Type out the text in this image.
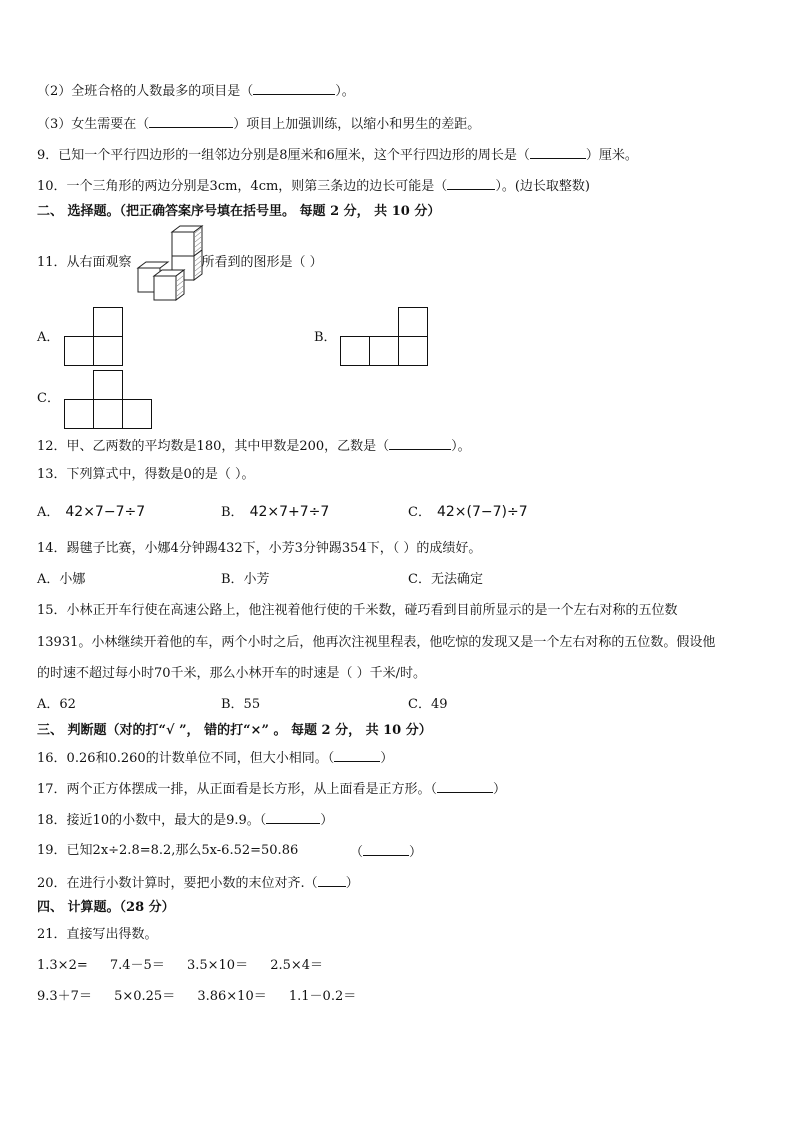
（2）全班合格的人数最多的项目是（	）。
（3）女生需要在（	）项目上加强训练，以缩小和男生的差距。
9．已知一个平行四边形的一组邻边分别是8厘米和6厘米，这个平行四边形的周长是（	）厘米。
10．一个三角形的两边分别是3cm，4cm，则第三条边的边长可能是（	）。(边长取整数)
二、 选择题。（把正确答案序号填在括号里。 每题 2 分， 共 10 分）
11．从右面观察	所看到的图形是（ ）
A．	B．
C．
12．甲、乙两数的平均数是180，其中甲数是200，乙数是（	）。
13．下列算式中，得数是0的是（ ）。
A． 42×7−7÷7	B． 42×7+7÷7	C． 42×(7−7)÷7
14．踢毽子比赛，小娜4分钟踢432下，小芳3分钟踢354下，（ ）的成绩好。
A．小娜	B．小芳	C．无法确定
15．小林正开车行使在高速公路上，他注视着他行使的千米数，碰巧看到目前所显示的是一个左右对称的五位数
13931。小林继续开着他的车，两个小时之后，他再次注视里程表，他吃惊的发现又是一个左右对称的五位数。假设他
的时速不超过每小时70千米，那么小林开车的时速是（ ）千米/时。
A．62	B．55	C．49
三、 判断题（对的打“√ ”， 错的打“×” 。 每题 2 分， 共 10 分）
16．0.26和0.260的计数单位不同，但大小相同。（	）
17．两个正方体摆成一排，从正面看是长方形，从上面看是正方形。（	）
18．接近10的小数中，最大的是9.9。（	）
19．已知2x÷2.8=8.2,那么5x-6.52=50.86	（	）
20．在进行小数计算时，要把小数的末位对齐.（ ）
四、 计算题。（28 分）
21．直接写出得数。
1.3×2= 7.4－5＝ 3.5×10＝ 2.5×4＝
9.3＋7＝ 5×0.25＝ 3.86×10＝ 1.1－0.2＝
